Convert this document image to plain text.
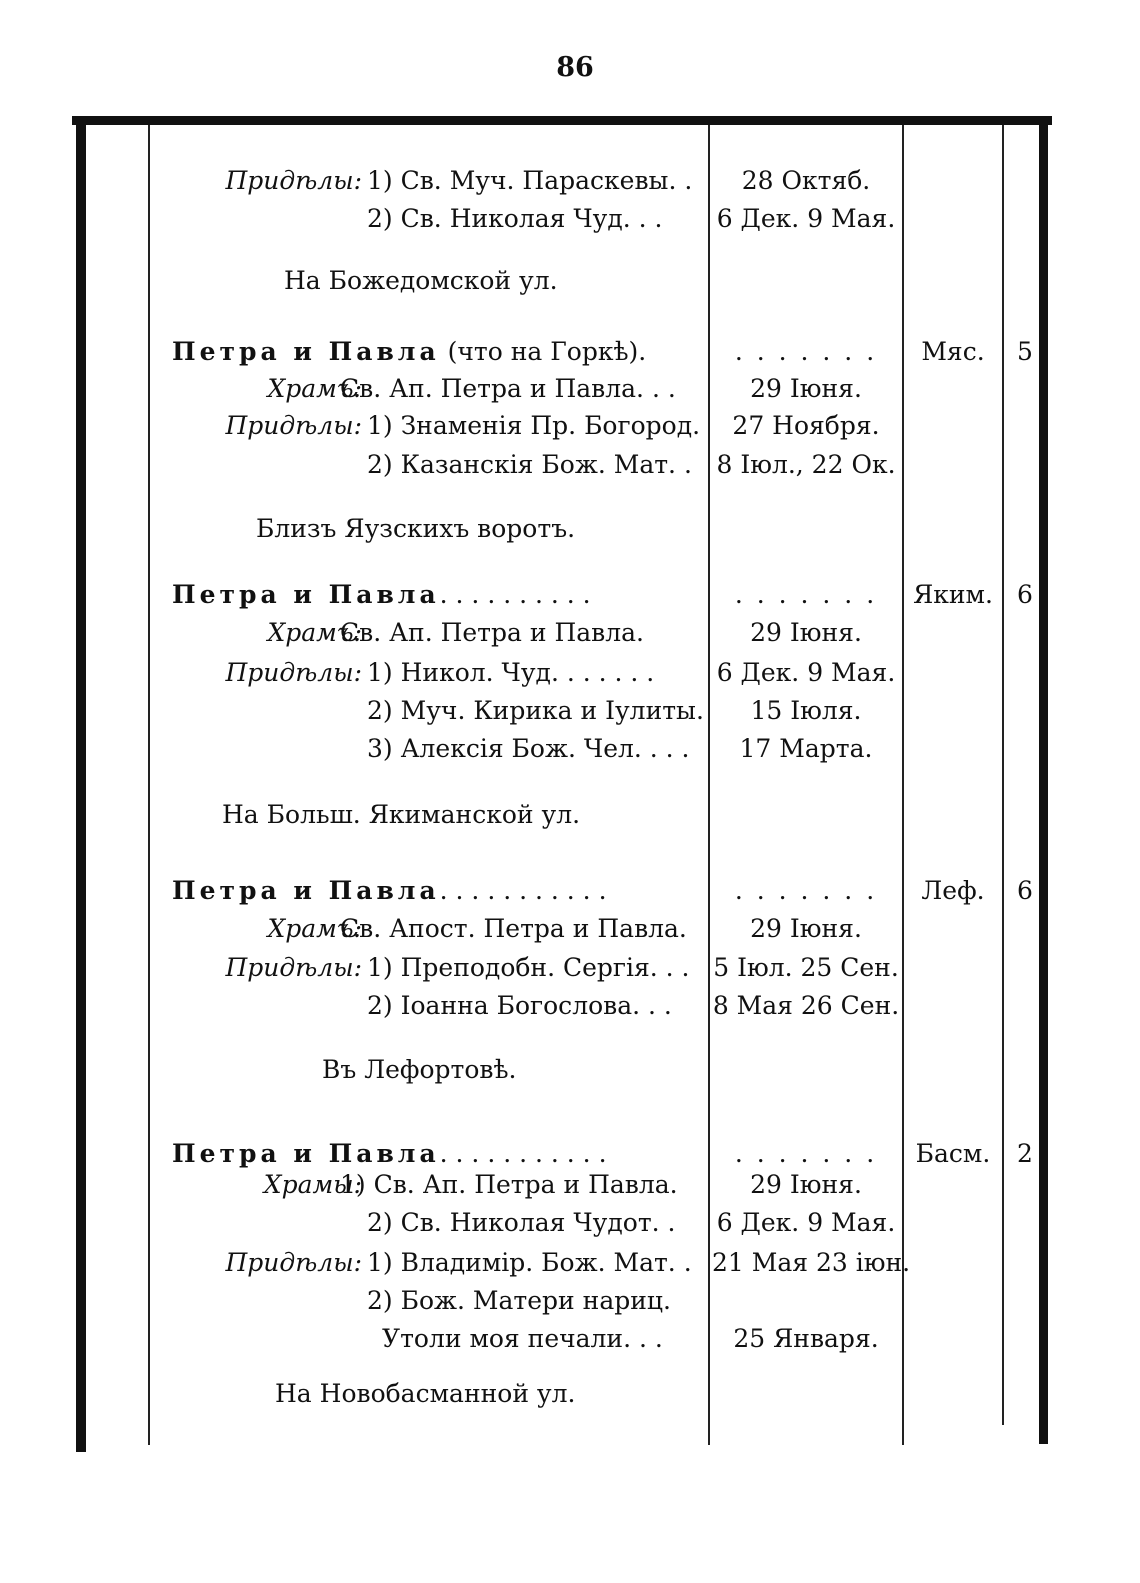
86
Придѣлы: 1) Св. Муч. Параскевы. .	28 Октяб.
2) Св. Николая Чуд. . . 6 Дек. 9 Мая.
На Божедомской ул.
Петра и Павла (что на Горкѣ).	. . . . . . .	Мяс.	5
Храмъ:
Св. Ап. Петра и Павла. . .	29 Іюня.
Придѣлы: 1) Знаменія Пр. Богород.	27 Ноября.
2) Казанскія Бож. Мат. . 8 Іюл., 22 Ок.
Близъ Яузскихъ воротъ.
Петра и Павла. . . . . . . . . .	. . . . . . .	Яким. 6
Храмъ:
Св. Ап. Петра и Павла.	29 Іюня.
Придѣлы: 1) Никол. Чуд. . . . . . . 6 Дек. 9 Мая.
2) Муч. Кирика и Іулиты.	15 Іюля.
3) Алексія Бож. Чел. . . .	17 Марта.
На Больш. Якиманской ул.
Петра и Павла. . . . . . . . . . .	. . . . . . .	Леф.	6
Храмъ:
Св. Апост. Петра и Павла.	29 Іюня.
Придѣлы: 1) Преподобн. Сергія. . . 5 Іюл. 25 Сен.
2) Іоанна Богослова. . . 8 Мая 26 Сен.
Въ Лефортовѣ.
Петра и Павла. . . . . . . . . . .	. . . . . . .	Басм.	2
Храмы:
1) Св. Ап. Петра и Павла.	29 Іюня.
2) Св. Николая Чудот. . 6 Дек. 9 Мая.
Придѣлы: 1) Владимір. Бож. Мат. . 21 Мая 23 іюн.
2) Бож. Матери нариц.
Утоли моя печали. . .	25 Января.
На Новобасманной ул.
